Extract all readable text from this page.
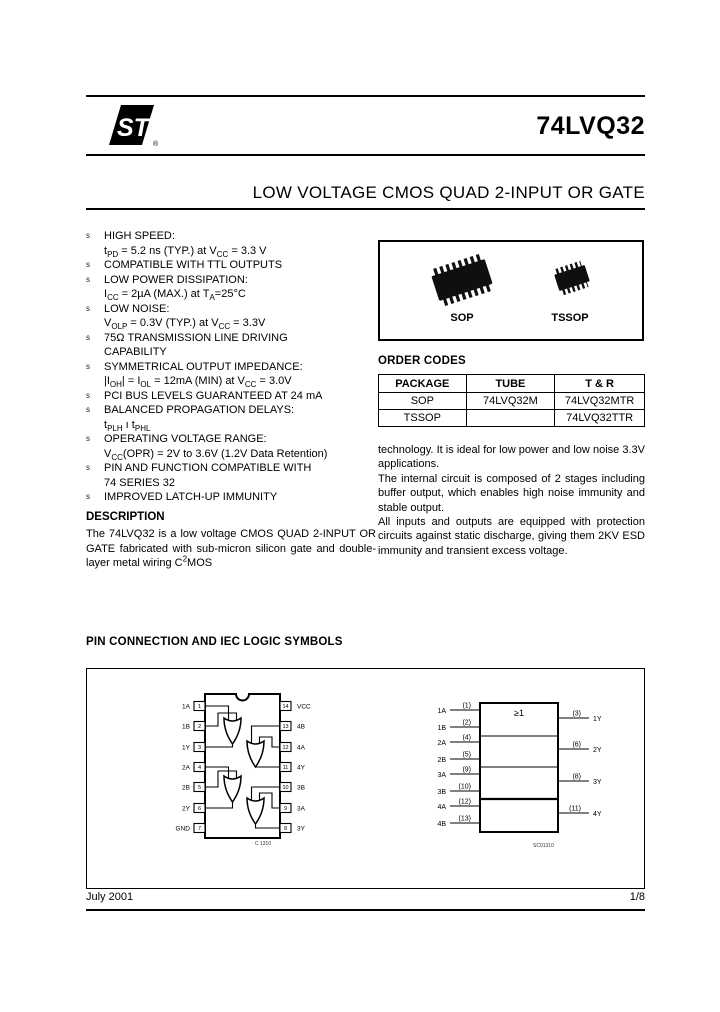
ST
®
74LVQ32
LOW VOLTAGE CMOS QUAD 2-INPUT OR GATE
s	HIGH SPEED:
$t_{PD} = 5.2$ ns (TYP.) at $V_{CC} = 3.3$ V
s	COMPATIBLE WITH TTL OUTPUTS
s	LOW POWER DISSIPATION:
$I_{CC} = 2\mu A$ (MAX.) at $T_A=25^\circ C$
s	LOW NOISE:
$V_{OLP} = 0.3V$ (TYP.) at $V_{CC} = 3.3V$
s	75Ω TRANSMISSION LINE DRIVING
CAPABILITY
s	SYMMETRICAL OUTPUT IMPEDANCE:
$|I_{OH}| = I_{OL} = 12mA$ (MIN) at $V_{CC} = 3.0V$
s	PCI BUS LEVELS GUARANTEED AT 24 mA
s	BALANCED PROPAGATION DELAYS:
$t_{PLH}$ ı $t_{PHL}$
s	OPERATING VOLTAGE RANGE:
$V_{CC}(OPR) = 2V$ to 3.6V (1.2V Data Retention)
s	PIN AND FUNCTION COMPATIBLE WITH
74 SERIES 32
s	IMPROVED LATCH-UP IMMUNITY
SOP	TSSOP
ORDER CODES
PACKAGE	TUBE	T & R
SOP	74LVQ32M	74LVQ32MTR
TSSOP		74LVQ32TTR

technology. It is ideal for low power and low noise 3.3V applications.

The internal circuit is composed of 2 stages including buffer output, which enables high noise immunity and stable output.

All inputs and outputs are equipped with protection circuits against static discharge, giving them 2KV ESD immunity and transient excess voltage.

DESCRIPTION
The 74LVQ32 is a low voltage CMOS QUAD 2-INPUT OR GATE fabricated with sub-micron silicon gate and double-layer metal wiring $C^2MOS$
PIN CONNECTION AND IEC LOGIC SYMBOLS
1
2
3
4
5
6
7
14
13
12
11
10
9
8
1A
1B
1Y
2A
2B
2Y
GND
VCC
4B
4A
4Y
3B
3A
3Y
C 1310
≥1
(1)
1A
(2)
1B
(4)
2A
(5)
2B
(9)
3A
(10)
3B
(12)
4A
(13)
4B
(3)
1Y
(6)
2Y
(8)
3Y
(11)
4Y
SC01310
July 2001	1/8
